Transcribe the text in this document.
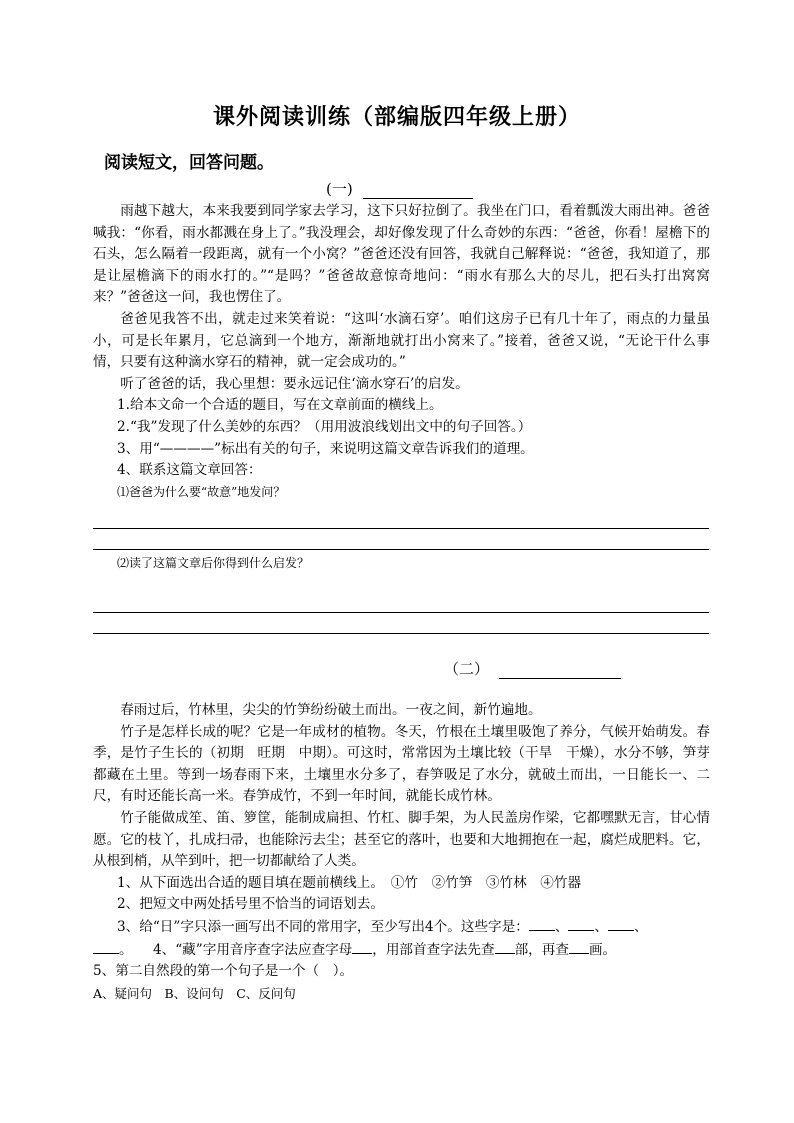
课外阅读训练（部编版四年级上册）
阅读短文，回答问题。
(一)

雨越下越大，本来我要到同学家去学习，这下只好拉倒了。我坐在门口，看着瓢泼大雨出神。爸爸喊我：“你看，雨水都溅在身上了。”我没理会，却好像发现了什么奇妙的东西：“爸爸，你看！屋檐下的石头，怎么隔着一段距离，就有一个小窝？”爸爸还没有回答，我就自己解释说：“爸爸，我知道了，那是让屋檐滴下的雨水打的。”“是吗？”爸爸故意惊奇地问：“雨水有那么大的尽儿，把石头打出窝窝来？”爸爸这一问，我也愣住了。

爸爸见我答不出，就走过来笑着说：“这叫‘水滴石穿’。咱们这房子已有几十年了，雨点的力量虽小，可是长年累月，它总滴到一个地方，渐渐地就打出小窝来了。”接着，爸爸又说，“无论干什么事情，只要有这种滴水穿石的精神，就一定会成功的。”

听了爸爸的话，我心里想：要永远记住‘滴水穿石’的启发。

1.给本文命一个合适的题目，写在文章前面的横线上。

2.“我”发现了什么美妙的东西？（用用波浪线划出文中的句子回答。）

3、用“————”标出有关的句子，来说明这篇文章告诉我们的道理。

4、联系这篇文章回答：

⑴爸爸为什么要“故意”地发问？

⑵读了这篇文章后你得到什么启发？

（二）

春雨过后，竹林里，尖尖的竹笋纷纷破土而出。一夜之间，新竹遍地。

竹子是怎样长成的呢？它是一年成材的植物。冬天，竹根在土壤里吸饱了养分，气候开始萌发。春季，是竹子生长的（初期　旺期　中期）。可这时，常常因为土壤比较（干旱　干燥），水分不够，笋芽都藏在土里。等到一场春雨下来，土壤里水分多了，春笋吸足了水分，就破土而出，一日能长一、二尺，有时还能长高一米。春笋成竹，不到一年时间，就能长成竹林。

竹子能做成笙、笛、箩筐，能制成扁担、竹杠、脚手架，为人民盖房作梁，它都嘿默无言，甘心情愿。它的枝丫，扎成扫帚，也能除污去尘；甚至它的落叶，也要和大地拥抱在一起，腐烂成肥料。它，从根到梢，从竿到叶，把一切都献给了人类。

1、从下面选出合适的题目填在题前横线上。　①竹　②竹笋　③竹林　④竹器

2、把短文中两处括号里不恰当的词语划去。

3、给“日”字只添一画写出不同的常用字，至少写出4个。这些字是： 、 、 、

。　　4、“藏”字用音序查字法应查字母 ，用部首查字法先查 部，再查 画。

5、第二自然段的第一个句子是一个（　）。

A、疑问句　B、设问句　C、反问句
